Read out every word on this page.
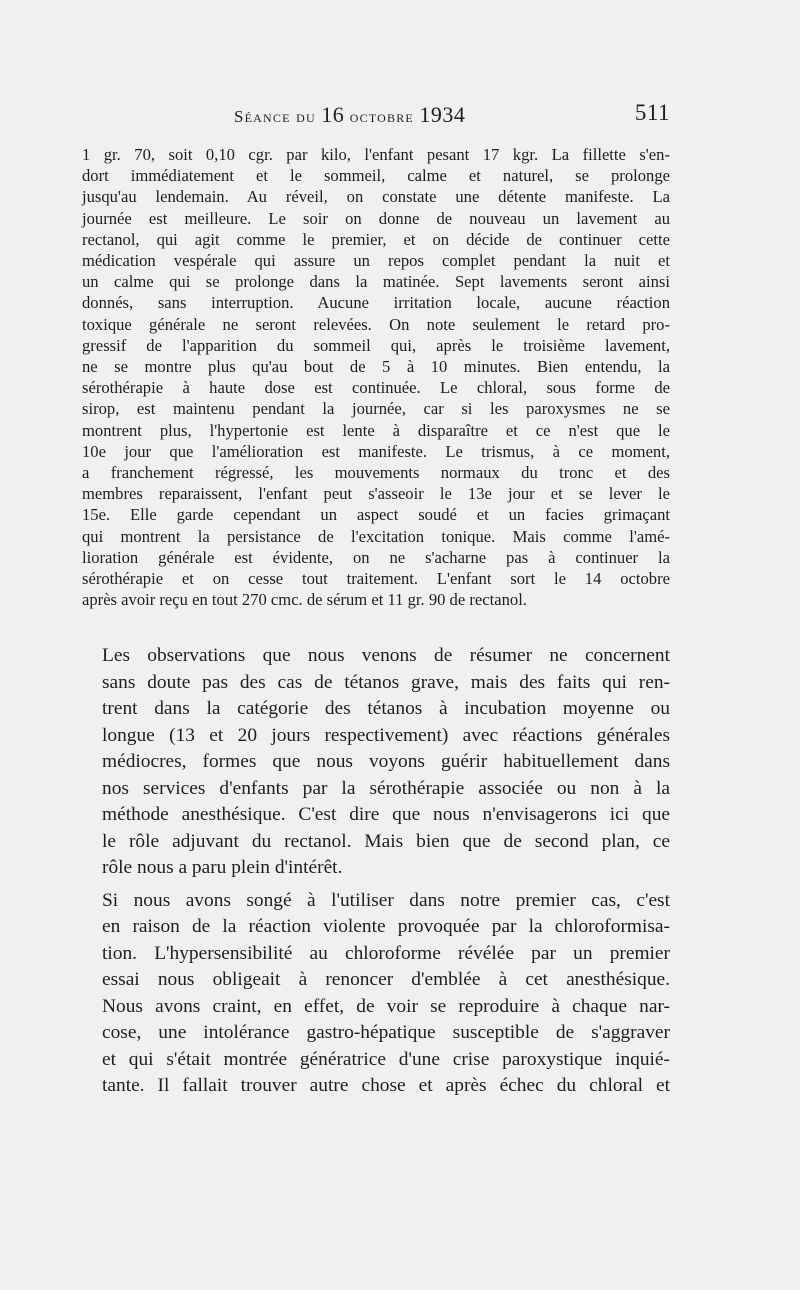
Séance du 16 octobre 1934	511
1 gr. 70, soit 0,10 cgr. par kilo, l'enfant pesant 17 kgr. La fillette s'en-
dort immédiatement et le sommeil, calme et naturel, se prolonge
jusqu'au lendemain. Au réveil, on constate une détente manifeste. La
journée est meilleure. Le soir on donne de nouveau un lavement au
rectanol, qui agit comme le premier, et on décide de continuer cette
médication vespérale qui assure un repos complet pendant la nuit et
un calme qui se prolonge dans la matinée. Sept lavements seront ainsi
donnés, sans interruption. Aucune irritation locale, aucune réaction
toxique générale ne seront relevées. On note seulement le retard pro-
gressif de l'apparition du sommeil qui, après le troisième lavement,
ne se montre plus qu'au bout de 5 à 10 minutes. Bien entendu, la
sérothérapie à haute dose est continuée. Le chloral, sous forme de
sirop, est maintenu pendant la journée, car si les paroxysmes ne se
montrent plus, l'hypertonie est lente à disparaître et ce n'est que le
10e jour que l'amélioration est manifeste. Le trismus, à ce moment,
a franchement régressé, les mouvements normaux du tronc et des
membres reparaissent, l'enfant peut s'asseoir le 13e jour et se lever le
15e. Elle garde cependant un aspect soudé et un facies grimaçant
qui montrent la persistance de l'excitation tonique. Mais comme l'amé-
lioration générale est évidente, on ne s'acharne pas à continuer la
sérothérapie et on cesse tout traitement. L'enfant sort le 14 octobre
après avoir reçu en tout 270 cmc. de sérum et 11 gr. 90 de rectanol.

Les observations que nous venons de résumer ne concernent
sans doute pas des cas de tétanos grave, mais des faits qui ren-
trent dans la catégorie des tétanos à incubation moyenne ou
longue (13 et 20 jours respectivement) avec réactions générales
médiocres, formes que nous voyons guérir habituellement dans
nos services d'enfants par la sérothérapie associée ou non à la
méthode anesthésique. C'est dire que nous n'envisagerons ici que
le rôle adjuvant du rectanol. Mais bien que de second plan, ce
rôle nous a paru plein d'intérêt.

Si nous avons songé à l'utiliser dans notre premier cas, c'est
en raison de la réaction violente provoquée par la chloroformisa-
tion. L'hypersensibilité au chloroforme révélée par un premier
essai nous obligeait à renoncer d'emblée à cet anesthésique.
Nous avons craint, en effet, de voir se reproduire à chaque nar-
cose, une intolérance gastro-hépatique susceptible de s'aggraver
et qui s'était montrée génératrice d'une crise paroxystique inquié-
tante. Il fallait trouver autre chose et après échec du chloral et
